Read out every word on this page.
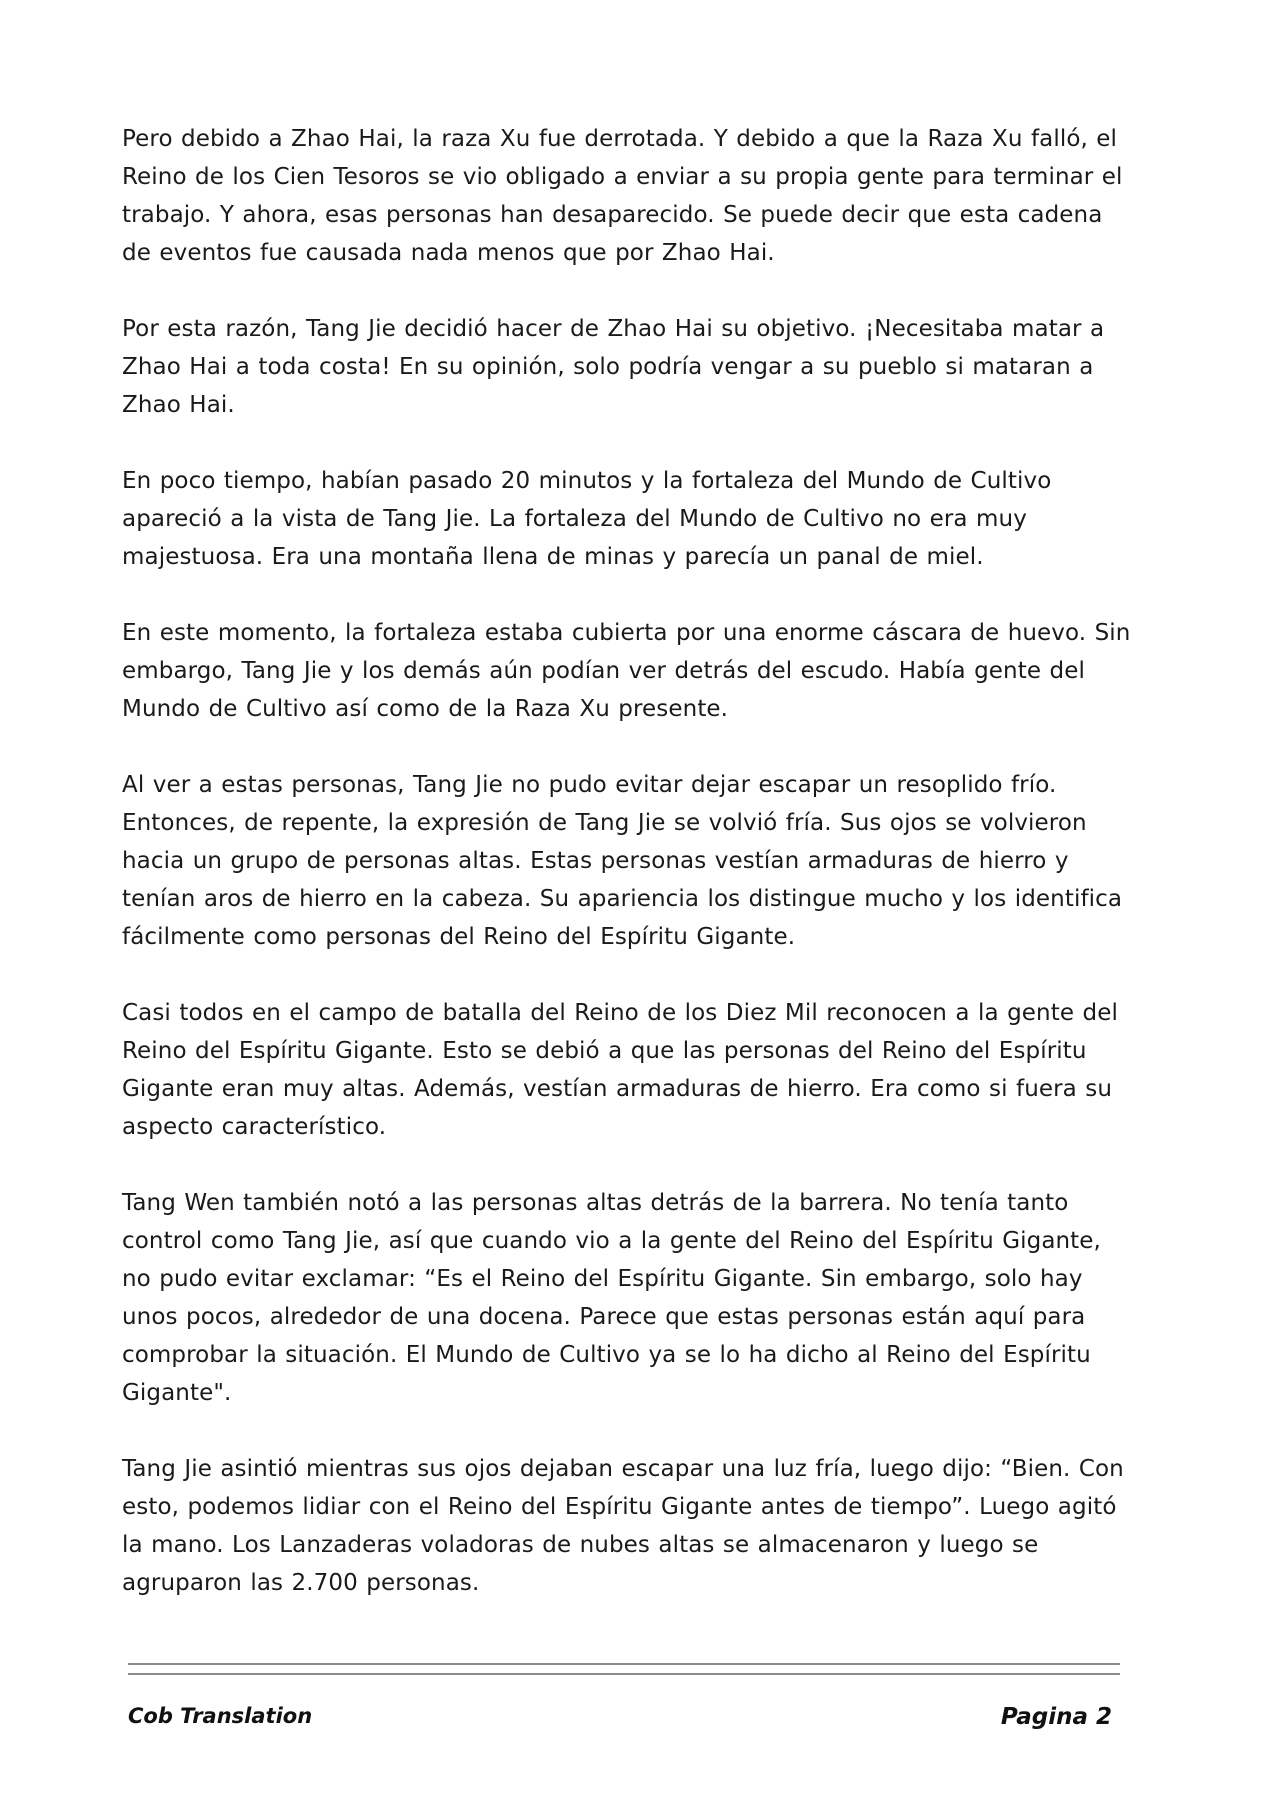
Pero debido a Zhao Hai, la raza Xu fue derrotada. Y debido a que la Raza Xu falló, el Reino de los Cien Tesoros se vio obligado a enviar a su propia gente para terminar el trabajo. Y ahora, esas personas han desaparecido. Se puede decir que esta cadena de eventos fue causada nada menos que por Zhao Hai.

Por esta razón, Tang Jie decidió hacer de Zhao Hai su objetivo. ¡Necesitaba matar a Zhao Hai a toda costa! En su opinión, solo podría vengar a su pueblo si mataran a Zhao Hai.

En poco tiempo, habían pasado 20 minutos y la fortaleza del Mundo de Cultivo apareció a la vista de Tang Jie. La fortaleza del Mundo de Cultivo no era muy majestuosa. Era una montaña llena de minas y parecía un panal de miel.

En este momento, la fortaleza estaba cubierta por una enorme cáscara de huevo. Sin embargo, Tang Jie y los demás aún podían ver detrás del escudo. Había gente del Mundo de Cultivo así como de la Raza Xu presente.

Al ver a estas personas, Tang Jie no pudo evitar dejar escapar un resoplido frío. Entonces, de repente, la expresión de Tang Jie se volvió fría. Sus ojos se volvieron hacia un grupo de personas altas. Estas personas vestían armaduras de hierro y tenían aros de hierro en la cabeza. Su apariencia los distingue mucho y los identifica fácilmente como personas del Reino del Espíritu Gigante.

Casi todos en el campo de batalla del Reino de los Diez Mil reconocen a la gente del Reino del Espíritu Gigante. Esto se debió a que las personas del Reino del Espíritu Gigante eran muy altas. Además, vestían armaduras de hierro. Era como si fuera su aspecto característico.

Tang Wen también notó a las personas altas detrás de la barrera. No tenía tanto control como Tang Jie, así que cuando vio a la gente del Reino del Espíritu Gigante, no pudo evitar exclamar: “Es el Reino del Espíritu Gigante. Sin embargo, solo hay unos pocos, alrededor de una docena. Parece que estas personas están aquí para comprobar la situación. El Mundo de Cultivo ya se lo ha dicho al Reino del Espíritu Gigante".

Tang Jie asintió mientras sus ojos dejaban escapar una luz fría, luego dijo: “Bien. Con esto, podemos lidiar con el Reino del Espíritu Gigante antes de tiempo”. Luego agitó la mano. Los Lanzaderas voladoras de nubes altas se almacenaron y luego se agruparon las 2.700 personas.

Cob Translation	Pagina 2
